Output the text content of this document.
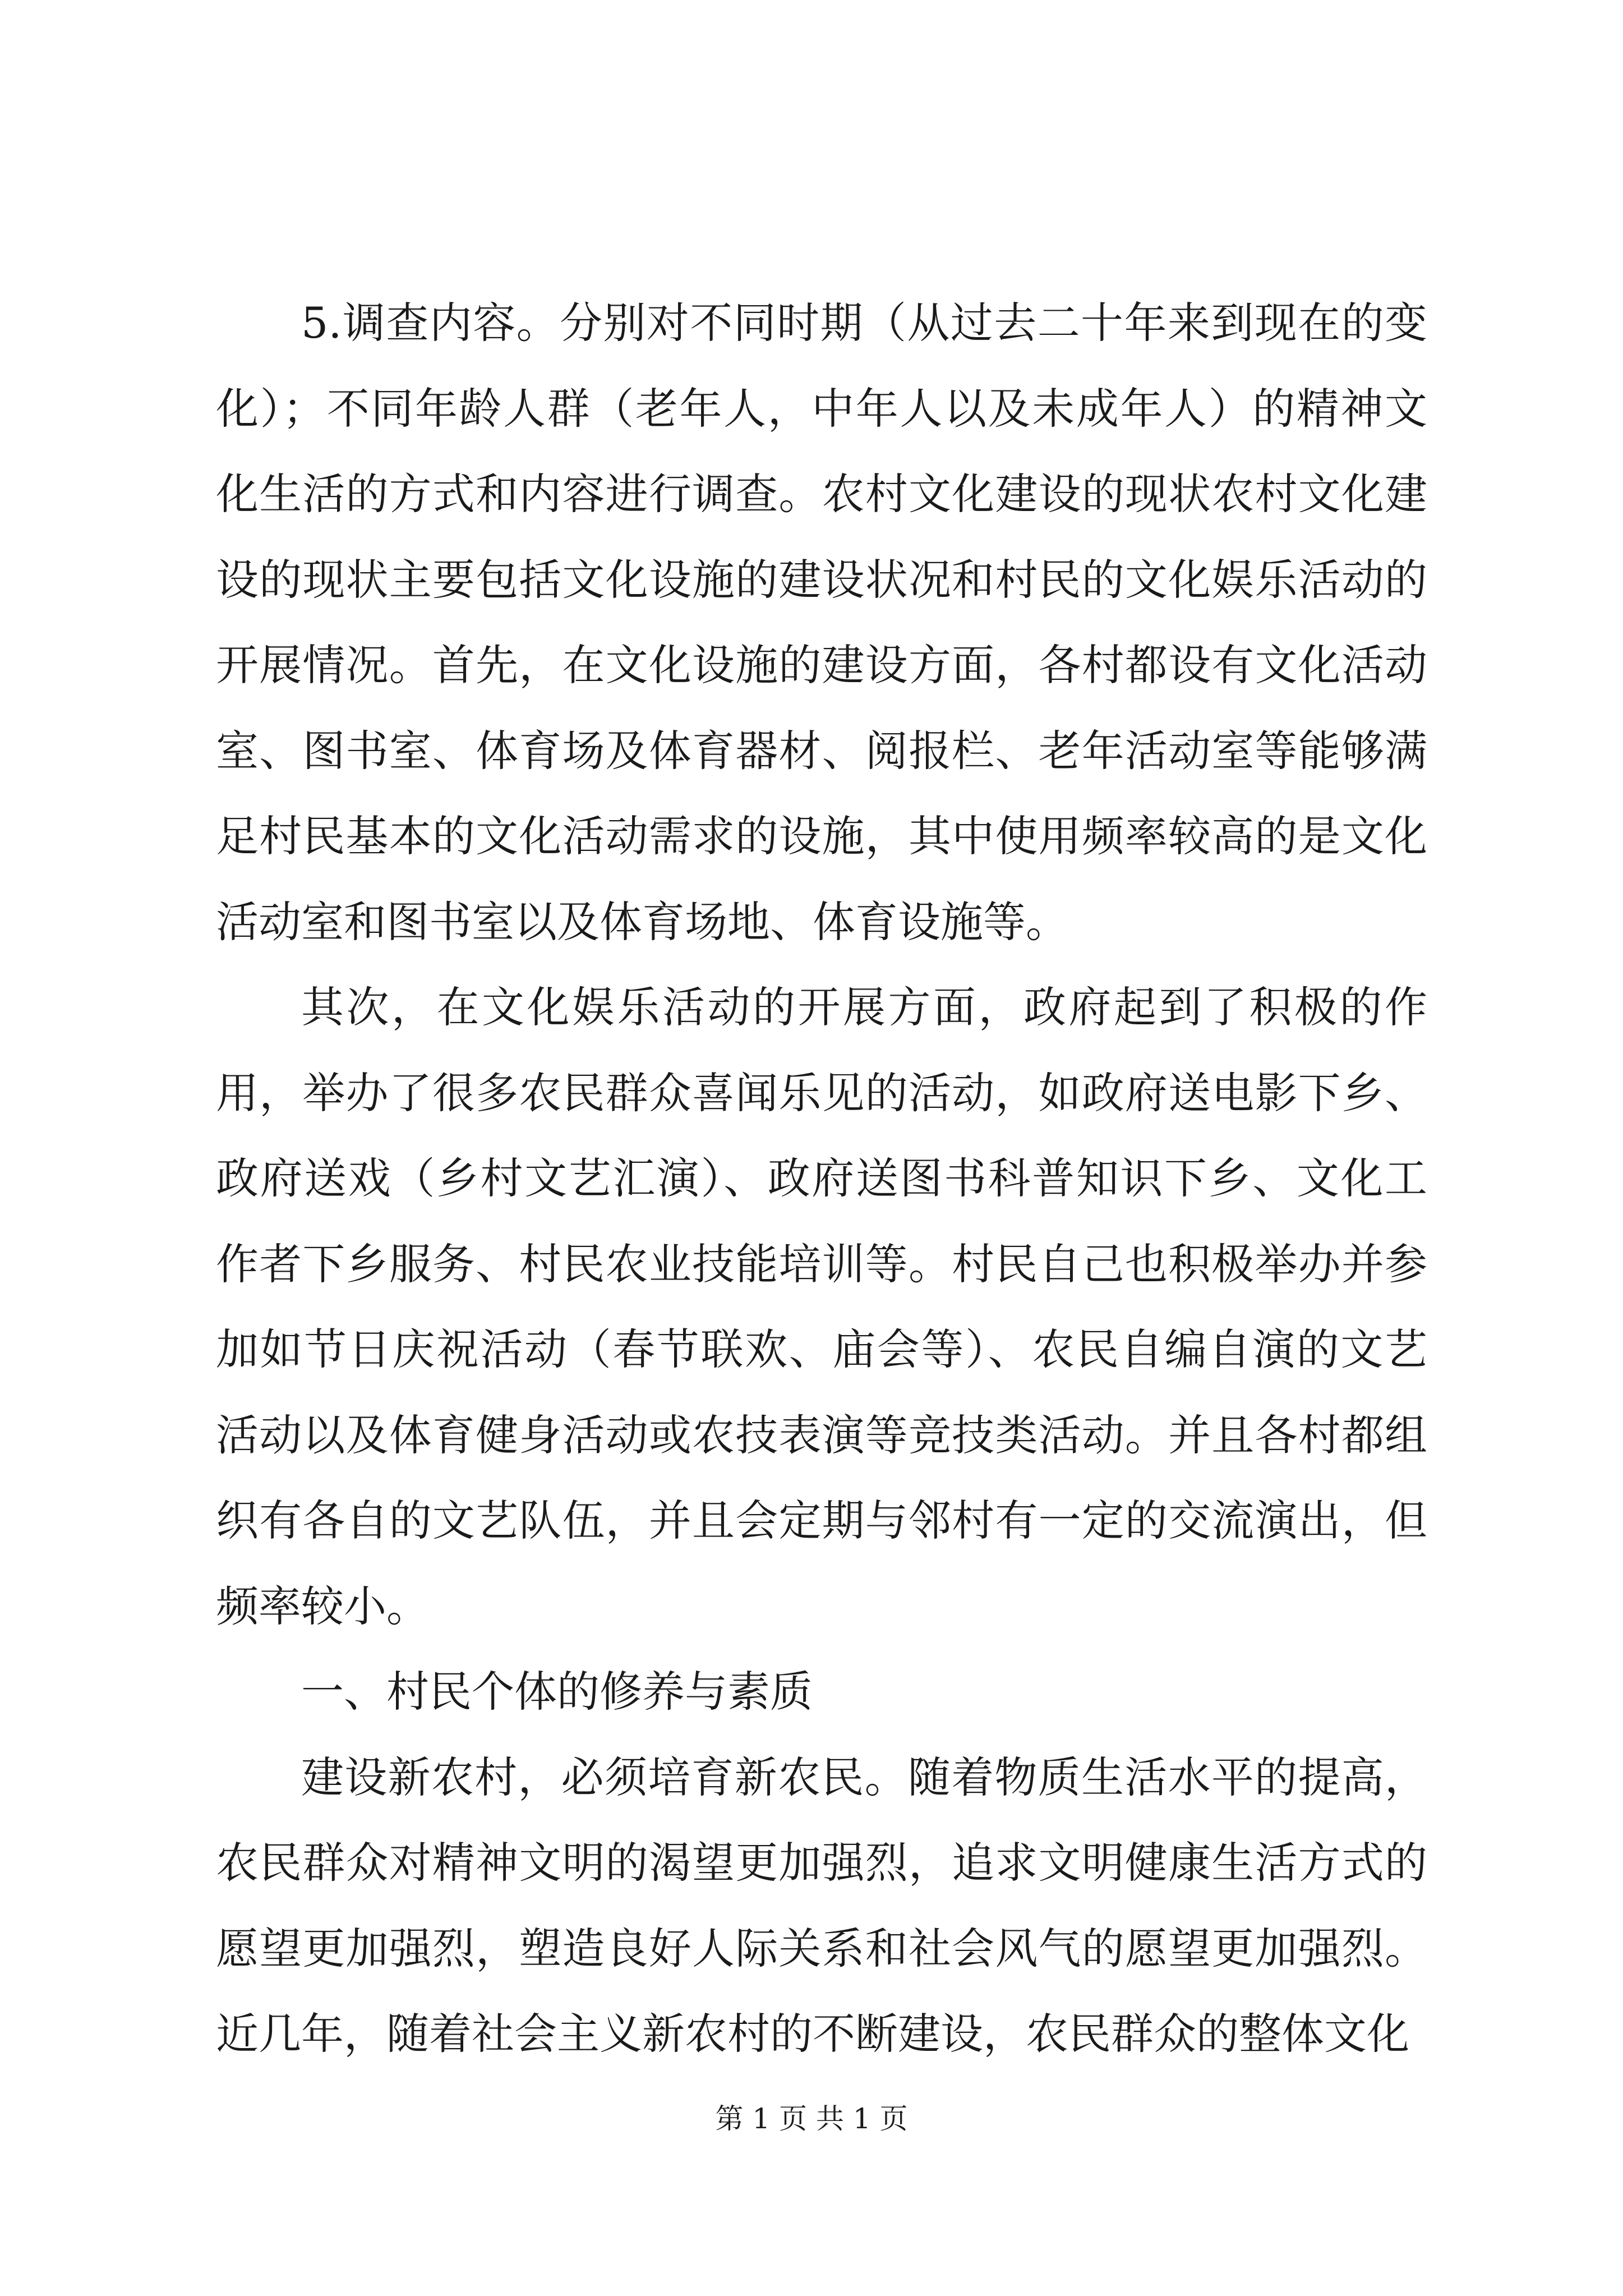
5.调查内容。分别对不同时期（从过去二十年来到现在的变化）；不同年龄人群（老年人，中年人以及未成年人）的精神文化生活的方式和内容进行调查。农村文化建设的现状农村文化建设的现状主要包括文化设施的建设状况和村民的文化娱乐活动的开展情况。首先，在文化设施的建设方面，各村都设有文化活动室、图书室、体育场及体育器材、阅报栏、老年活动室等能够满足村民基本的文化活动需求的设施，其中使用频率较高的是文化活动室和图书室以及体育场地、体育设施等。

其次，在文化娱乐活动的开展方面，政府起到了积极的作用，举办了很多农民群众喜闻乐见的活动，如政府送电影下乡、政府送戏（乡村文艺汇演）、政府送图书科普知识下乡、文化工作者下乡服务、村民农业技能培训等。村民自己也积极举办并参加如节日庆祝活动（春节联欢、庙会等）、农民自编自演的文艺活动以及体育健身活动或农技表演等竞技类活动。并且各村都组织有各自的文艺队伍，并且会定期与邻村有一定的交流演出，但频率较小。

一、村民个体的修养与素质

建设新农村，必须培育新农民。随着物质生活水平的提高，农民群众对精神文明的渴望更加强烈，追求文明健康生活方式的愿望更加强烈，塑造良好人际关系和社会风气的愿望更加强烈。近几年，随着社会主义新农村的不断建设，农民群众的整体文化

第 1 页 共 1 页
